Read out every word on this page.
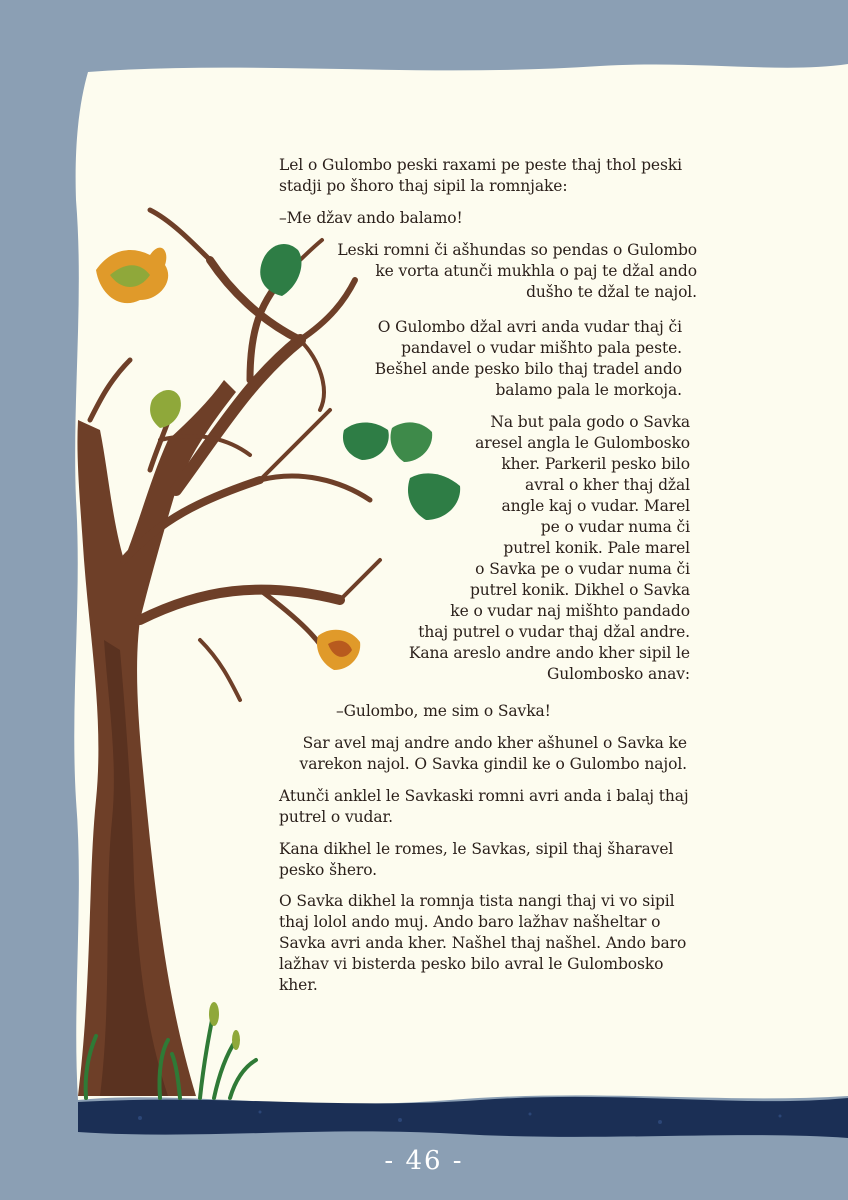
Lel o Gulombo peski raxami pe peste thaj thol peski
stadji po šhoro thaj sipil la romnjake:

–Me džav ando balamo!

Leski romni či ašhundas so pendas o Gulombo
ke vorta atunči mukhla o paj te džal ando
dušho te džal te najol.

O Gulombo džal avri anda vudar thaj či
pandavel o vudar mišhto pala peste.
Bešhel ande pesko bilo thaj tradel ando
balamo pala le morkoja.

Na but pala godo o Savka
aresel angla le Gulombosko
kher. Parkeril pesko bilo
avral o kher thaj džal
angle kaj o vudar. Marel
pe o vudar numa či
putrel konik. Pale marel
o Savka pe o vudar numa či
putrel konik. Dikhel o Savka
ke o vudar naj mišhto pandado
thaj putrel o vudar thaj džal andre.
Kana areslo andre ando kher sipil le
Gulombosko anav:

–Gulombo, me sim o Savka!

Sar avel maj andre ando kher ašhunel o Savka ke
varekon najol. O Savka gindil ke o Gulombo najol.

Atunči anklel le Savkaski romni avri anda i balaj thaj
putrel o vudar.

Kana dikhel le romes, le Savkas, sipil thaj šharavel
pesko šhero.

O Savka dikhel la romnja tista nangi thaj vi vo sipil
thaj lolol ando muj. Ando baro lažhav našheltar o
Savka avri anda kher. Našhel thaj našhel. Ando baro
lažhav vi bisterda pesko bilo avral le Gulombosko
kher.

- 46 -
